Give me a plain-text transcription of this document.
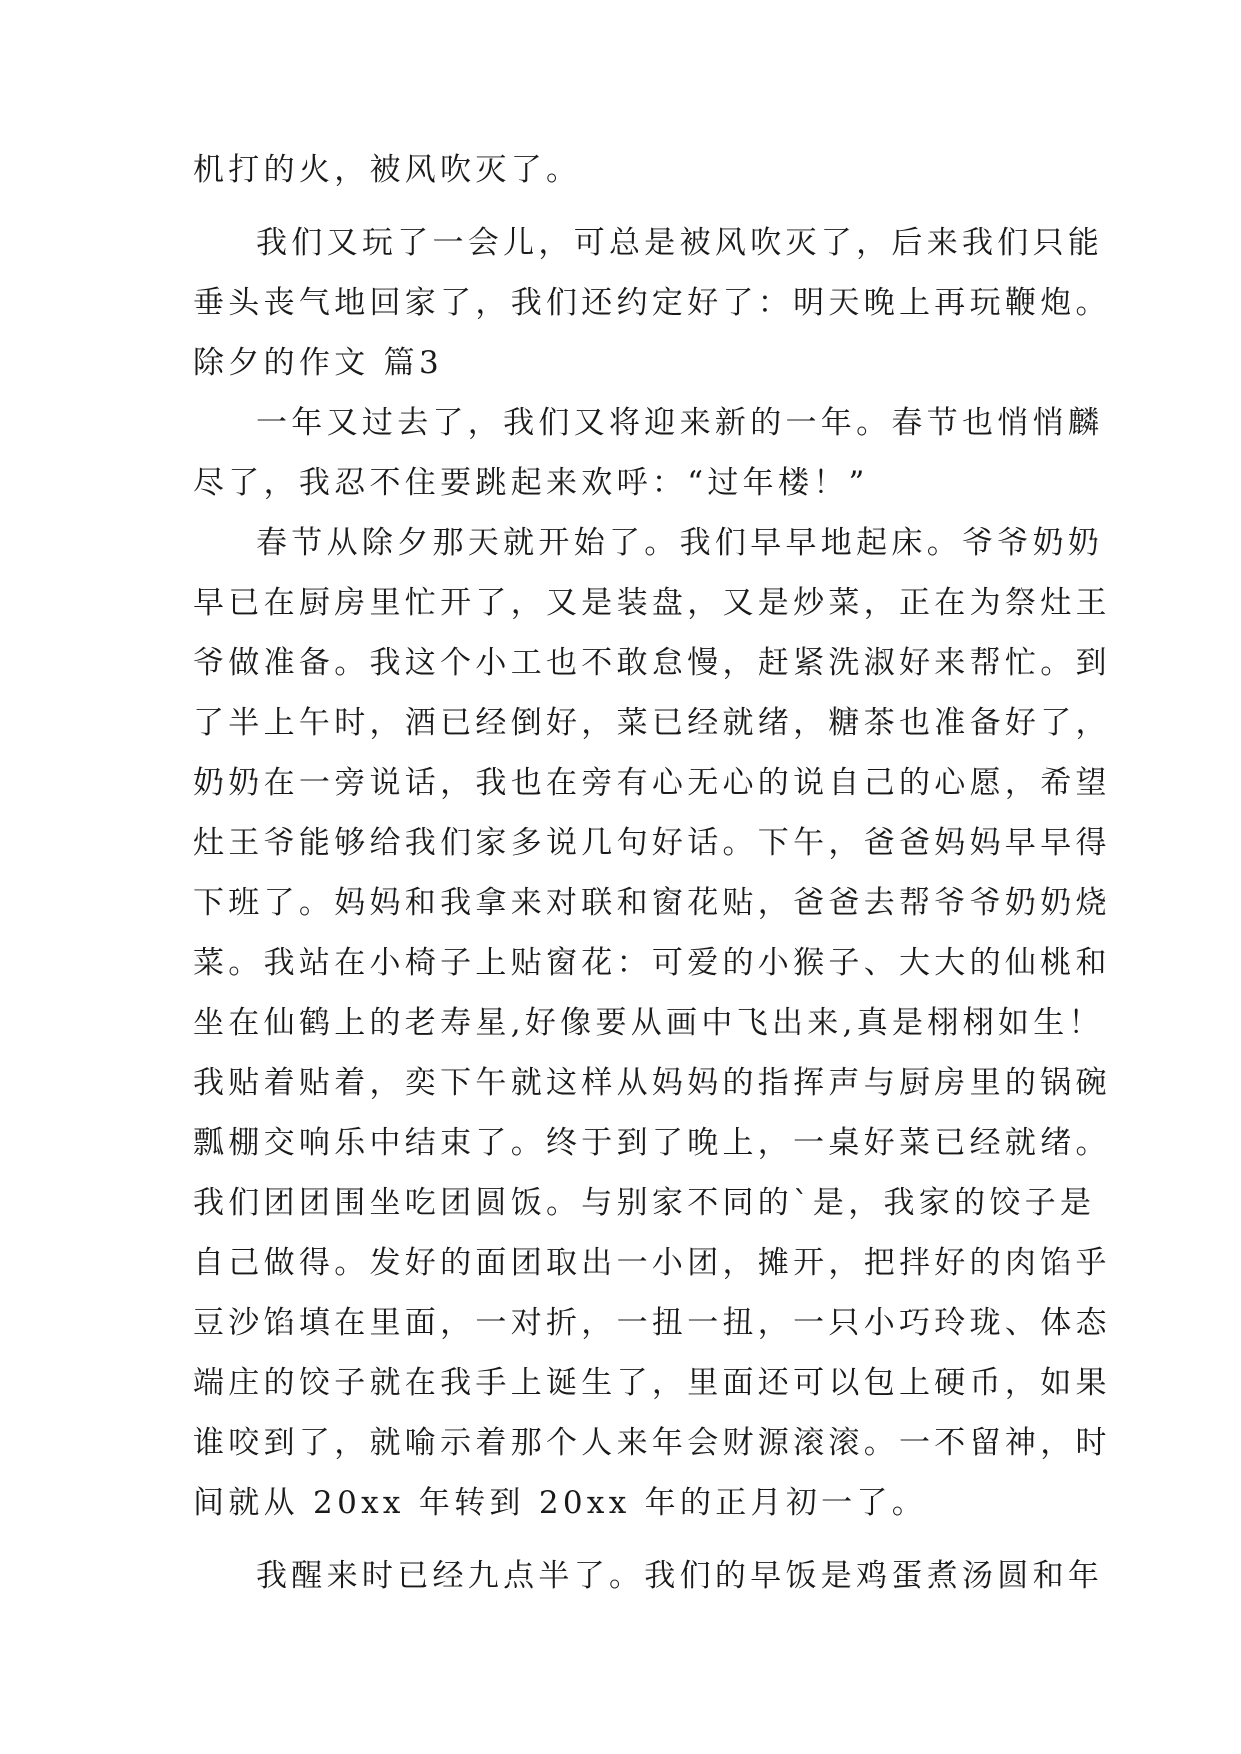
机打的火，被风吹灭了。
我们又玩了一会儿，可总是被风吹灭了，后来我们只能
垂头丧气地回家了，我们还约定好了：明天晚上再玩鞭炮。
除夕的作文 篇3
一年又过去了，我们又将迎来新的一年。春节也悄悄麟
尽了，我忍不住要跳起来欢呼：“过年楼！”
春节从除夕那天就开始了。我们早早地起床。爷爷奶奶
早已在厨房里忙开了，又是装盘，又是炒菜，正在为祭灶王
爷做准备。我这个小工也不敢怠慢，赶紧洗淑好来帮忙。到
了半上午时，酒已经倒好，菜已经就绪，糖茶也准备好了，
奶奶在一旁说话，我也在旁有心无心的说自己的心愿，希望
灶王爷能够给我们家多说几句好话。下午，爸爸妈妈早早得
下班了。妈妈和我拿来对联和窗花贴，爸爸去帮爷爷奶奶烧
菜。我站在小椅子上贴窗花：可爱的小猴子、大大的仙桃和
坐在仙鹤上的老寿星,好像要从画中飞出来,真是栩栩如生！
我贴着贴着，奕下午就这样从妈妈的指挥声与厨房里的锅碗
瓢棚交响乐中结束了。终于到了晚上，一桌好菜已经就绪。
我们团团围坐吃团圆饭。与别家不同的`是，我家的饺子是
自己做得。发好的面团取出一小团，摊开，把拌好的肉馅乎
豆沙馅填在里面，一对折，一扭一扭，一只小巧玲珑、体态
端庄的饺子就在我手上诞生了，里面还可以包上硬币，如果
谁咬到了，就喻示着那个人来年会财源滚滚。一不留神，时
间就从 20xx 年转到 20xx 年的正月初一了。
我醒来时已经九点半了。我们的早饭是鸡蛋煮汤圆和年
